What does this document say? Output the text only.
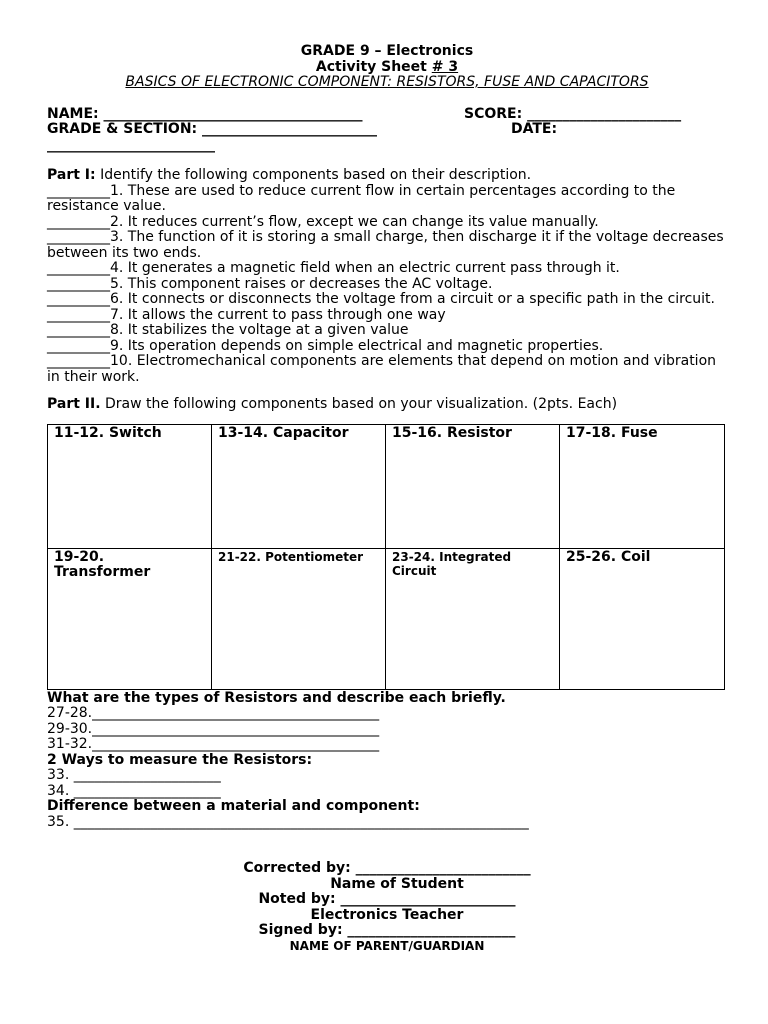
GRADE 9 – Electronics
Activity Sheet # 3
BASICS OF ELECTRONIC COMPONENT: RESISTORS, FUSE AND CAPACITORS
NAME: _____________________________________	SCORE: ______________________
GRADE & SECTION: _________________________	DATE:
________________________
Part I: Identify the following components based on their description.
_________1. These are used to reduce current flow in certain percentages according to the resistance value.
_________2. It reduces current’s flow, except we can change its value manually.
_________3. The function of it is storing a small charge, then discharge it if the voltage decreases between its two ends.
_________4. It generates a magnetic field when an electric current pass through it.
_________5. This component raises or decreases the AC voltage.
_________6. It connects or disconnects the voltage from a circuit or a specific path in the circuit.
_________7. It allows the current to pass through one way
_________8. It stabilizes the voltage at a given value
_________9. Its operation depends on simple electrical and magnetic properties.
_________10. Electromechanical components are elements that depend on motion and vibration in their work.
Part II. Draw the following components based on your visualization. (2pts. Each)
11-12. Switch	13-14. Capacitor	15-16. Resistor	17-18. Fuse
19-20. Transformer	21-22. Potentiometer	23-24. Integrated Circuit	25-26. Coil
What are the types of Resistors and describe each briefly.
27-28._________________________________________
29-30._________________________________________
31-32._________________________________________
2 Ways to measure the Resistors:
33. _____________________
34. _____________________
Difference between a material and component:
35. _________________________________________________________________
Corrected by: _________________________
Name of Student
Noted by: _________________________
Electronics Teacher
Signed by: ________________________
NAME OF PARENT/GUARDIAN
